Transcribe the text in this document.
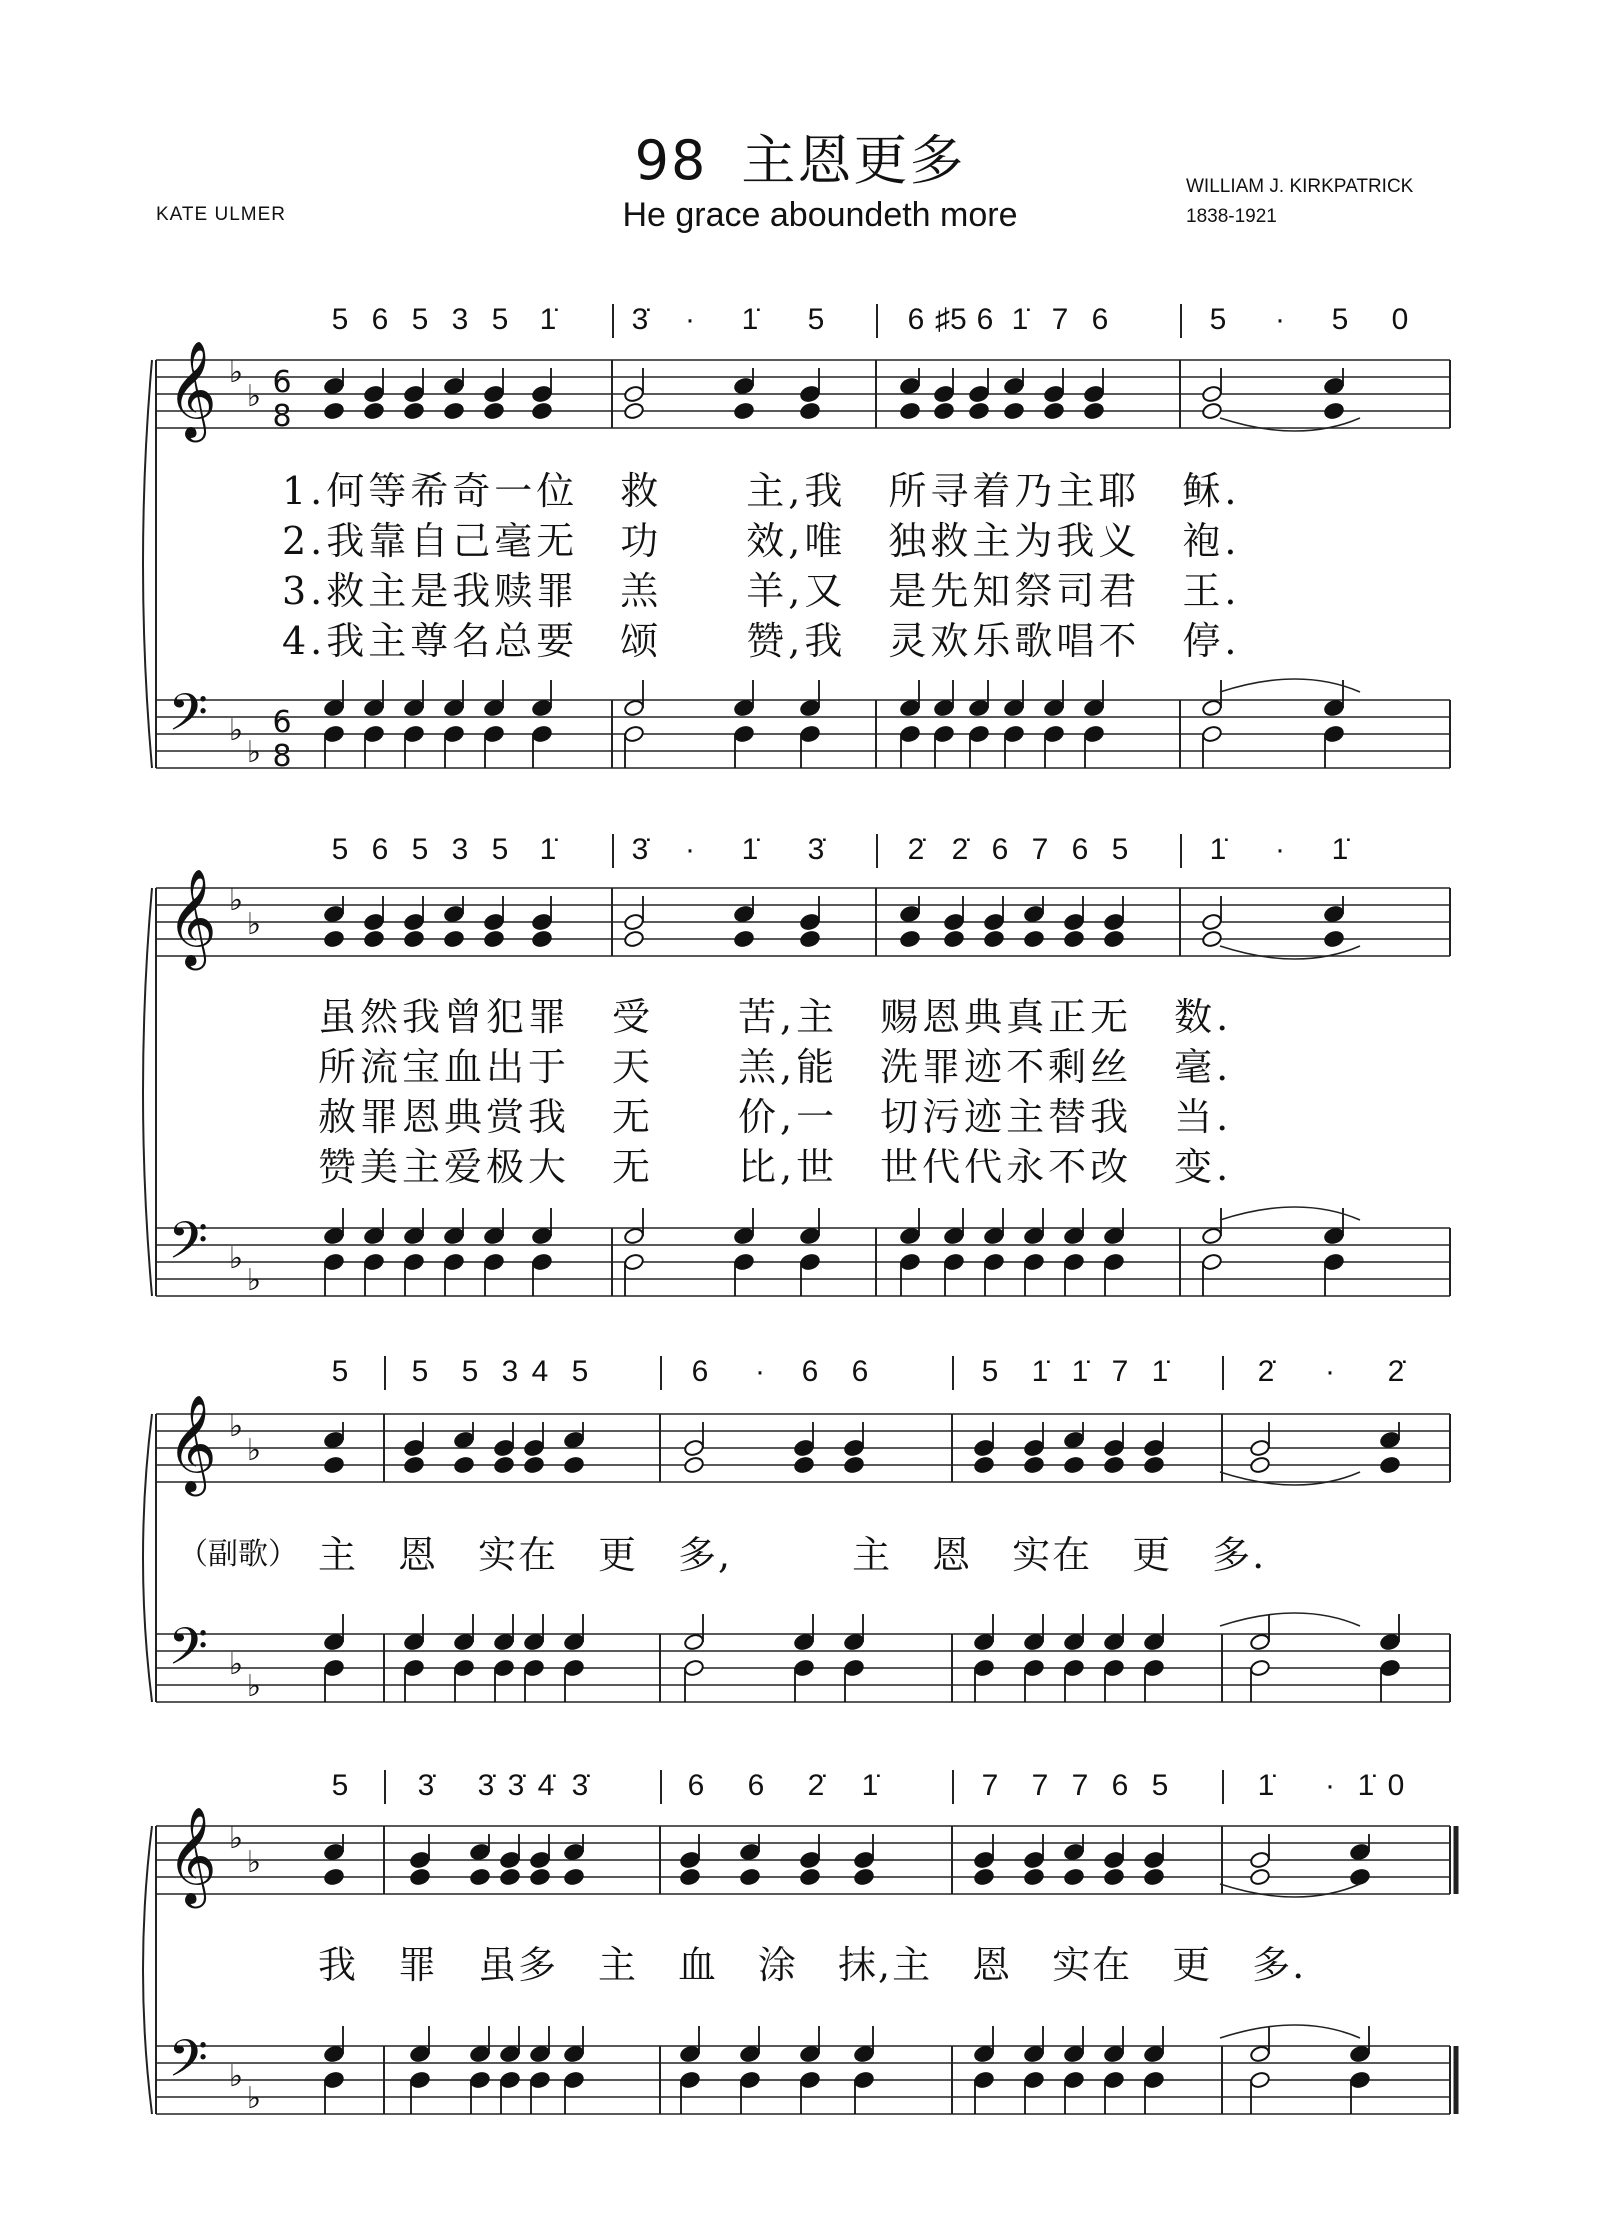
98 主恩更多
He grace aboundeth more
KATE ULMER
WILLIAM J. KIRKPATRICK
1838-1921
𝄞
𝄢
♭
♭
♭
♭
6
8
6
8
𝄞
𝄢
♭
♭
♭
♭
𝄞
𝄢
♭
♭
♭
♭
𝄞
𝄢
♭
♭
♭
♭
5 6 5 3 5 1̇	3̇	·	1̇ 5	6 ♯5 6 1̇ 7 6	5	·	5 0
1.何等希奇一位　救　　主,我　所寻着乃主耶　稣.
2.我靠自己毫无　功　　效,唯　独救主为我义　袍.
3.救主是我赎罪　羔　　羊,又　是先知祭司君　王.
4.我主尊名总要　颂　　赞,我　灵欢乐歌唱不　停.
5 6 5 3 5 1̇	3̇	·	1̇ 3̇	2̇ 2̇ 6 7 6 5	1̇	·	1̇
虽然我曾犯罪　受　　苦,主　赐恩典真正无　数.
所流宝血出于　天　　羔,能　洗罪迹不剩丝　毫.
赦罪恩典赏我　无　　价,一　切污迹主替我　当.
赞美主爱极大　无　　比,世　世代代永不改　变.
5 5 5 3 4 5	6	·	6 6	5 1̇ 1̇ 7 1̇	2̇	·	2̇
（副歌） 主　恩　实在　更　多,　　　主　恩　实在　更　多.
5 3̇ 3̇ 3̇ 4̇ 3̇	6 6 2̇ 1̇	7 7 7 6 5	1̇	· 1̇ 0
我　罪　虽多　主　血　涂　抹,主　恩　实在　更　多.
